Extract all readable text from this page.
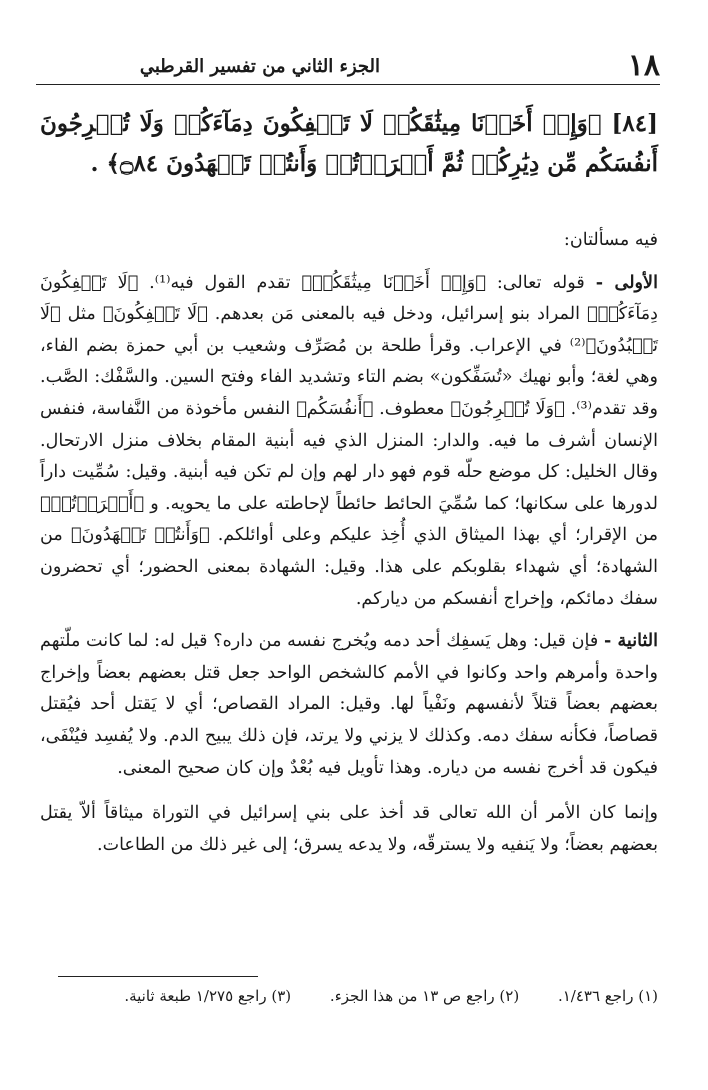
١٨
الجزء الثاني من تفسير القرطبي
[٨٤] ﴿وَإِذۡ أَخَذۡنَا مِيثَٰقَكُمۡ لَا تَسۡفِكُونَ دِمَآءَكُمۡ وَلَا تُخۡرِجُونَ أَنفُسَكُم مِّن دِيَٰرِكُمۡ ثُمَّ أَقۡرَرۡتُمۡ وَأَنتُمۡ تَشۡهَدُونَ ۝٨٤﴾ .

فيه مسألتان:

الأولى - قوله تعالى: ﴿وَإِذۡ أَخَذۡنَا مِيثَٰقَكُمۡ﴾ تقدم القول فيه⁽¹⁾. ﴿لَا تَسۡفِكُونَ دِمَآءَكُمۡ﴾ المراد بنو إسرائيل، ودخل فيه بالمعنى مَن بعدهم. ﴿لَا تَسۡفِكُونَ﴾ مثل ﴿لَا تَعۡبُدُونَ﴾⁽²⁾ في الإعراب. وقرأ طلحة بن مُصَرِّف وشعيب بن أبي حمزة بضم الفاء، وهي لغة؛ وأبو نهيك «تُسَفِّكون» بضم التاء وتشديد الفاء وفتح السين. والسَّفْك: الصَّب. وقد تقدم⁽³⁾. ﴿وَلَا تُخۡرِجُونَ﴾ معطوف. ﴿أَنفُسَكُم﴾ النفس مأخوذة من النَّفاسة، فنفس الإنسان أشرف ما فيه. والدار: المنزل الذي فيه أبنية المقام بخلاف منزل الارتحال. وقال الخليل: كل موضع حلّه قوم فهو دار لهم وإن لم تكن فيه أبنية. وقيل: سُمِّيت داراً لدورها على سكانها؛ كما سُمِّيَ الحائط حائطاً لإحاطته على ما يحويه. و ﴿أَقۡرَرۡتُمۡ﴾ من الإقرار؛ أي بهذا الميثاق الذي أُخِذ عليكم وعلى أوائلكم. ﴿وَأَنتُمۡ تَشۡهَدُونَ﴾ من الشهادة؛ أي شهداء بقلوبكم على هذا. وقيل: الشهادة بمعنى الحضور؛ أي تحضرون سفك دمائكم، وإخراج أنفسكم من دياركم.

الثانية - فإن قيل: وهل يَسفِك أحد دمه ويُخرج نفسه من داره؟ قيل له: لما كانت ملّتهم واحدة وأمرهم واحد وكانوا في الأمم كالشخص الواحد جعل قتل بعضهم بعضاً وإخراج بعضهم بعضاً قتلاً لأنفسهم ونَفْياً لها. وقيل: المراد القصاص؛ أي لا يَقتل أحد فيُقتل قصاصاً، فكأنه سفك دمه. وكذلك لا يزني ولا يرتد، فإن ذلك يبيح الدم. ولا يُفسِد فيُنْفَى، فيكون قد أخرج نفسه من دياره. وهذا تأويل فيه بُعْدٌ وإن كان صحيح المعنى.

وإنما كان الأمر أن الله تعالى قد أخذ على بني إسرائيل في التوراة ميثاقاً ألاّ يقتل بعضهم بعضاً؛ ولا يَنفيه ولا يسترقّه، ولا يدعه يسرق؛ إلى غير ذلك من الطاعات.

(١) راجع ١/٤٣٦. (٢) راجع ص ١٣ من هذا الجزء. (٣) راجع ١/٢٧٥ طبعة ثانية.
